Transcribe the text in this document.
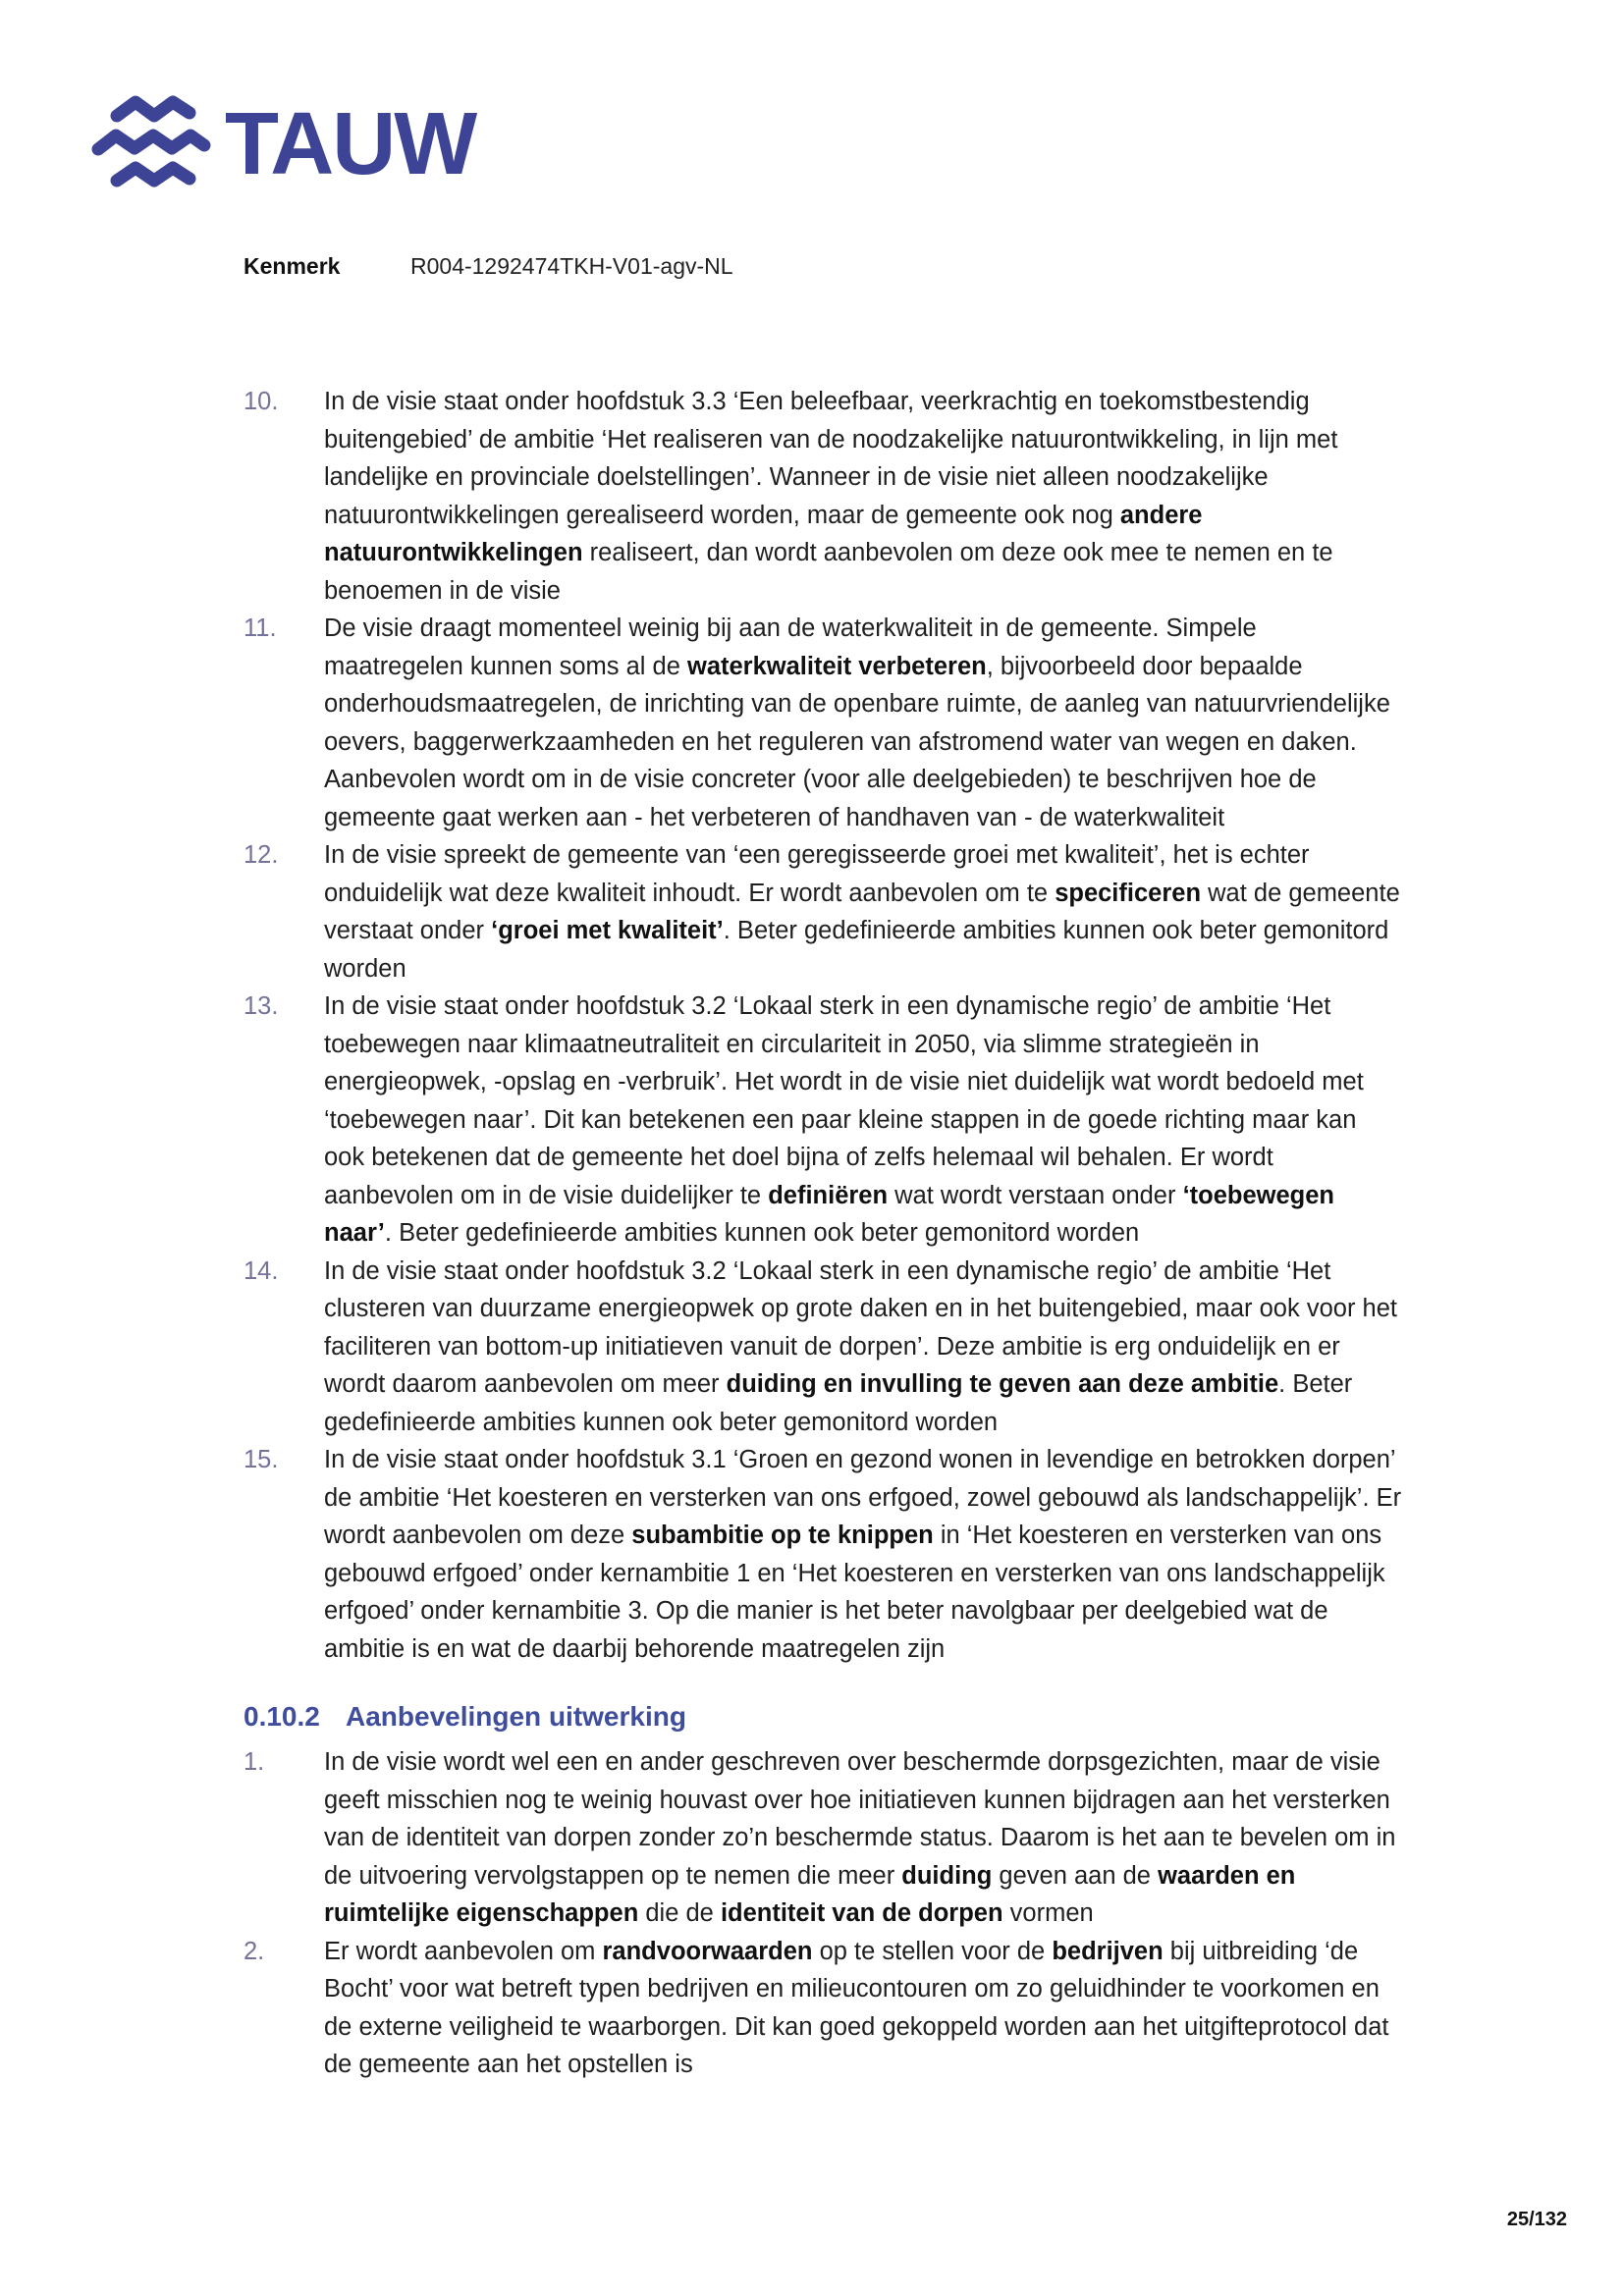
TAUW
Kenmerk	R004-1292474TKH-V01-agv-NL
10.	In de visie staat onder hoofdstuk 3.3 ‘Een beleefbaar, veerkrachtig en toekomstbestendig buitengebied’ de ambitie ‘Het realiseren van de noodzakelijke natuurontwikkeling, in lijn met landelijke en provinciale doelstellingen’. Wanneer in de visie niet alleen noodzakelijke natuurontwikkelingen gerealiseerd worden, maar de gemeente ook nog andere natuurontwikkelingen realiseert, dan wordt aanbevolen om deze ook mee te nemen en te benoemen in de visie
11.	De visie draagt momenteel weinig bij aan de waterkwaliteit in de gemeente. Simpele maatregelen kunnen soms al de waterkwaliteit verbeteren, bijvoorbeeld door bepaalde onderhoudsmaatregelen, de inrichting van de openbare ruimte, de aanleg van natuurvriendelijke oevers, baggerwerkzaamheden en het reguleren van afstromend water van wegen en daken. Aanbevolen wordt om in de visie concreter (voor alle deelgebieden) te beschrijven hoe de gemeente gaat werken aan - het verbeteren of handhaven van - de waterkwaliteit
12.	In de visie spreekt de gemeente van ‘een geregisseerde groei met kwaliteit’, het is echter onduidelijk wat deze kwaliteit inhoudt. Er wordt aanbevolen om te specificeren wat de gemeente verstaat onder ‘groei met kwaliteit’. Beter gedefinieerde ambities kunnen ook beter gemonitord worden
13.	In de visie staat onder hoofdstuk 3.2 ‘Lokaal sterk in een dynamische regio’ de ambitie ‘Het toebewegen naar klimaatneutraliteit en circulariteit in 2050, via slimme strategieën in energieopwek, -opslag en -verbruik’. Het wordt in de visie niet duidelijk wat wordt bedoeld met ‘toebewegen naar’. Dit kan betekenen een paar kleine stappen in de goede richting maar kan ook betekenen dat de gemeente het doel bijna of zelfs helemaal wil behalen. Er wordt aanbevolen om in de visie duidelijker te definiëren wat wordt verstaan onder ‘toebewegen naar’. Beter gedefinieerde ambities kunnen ook beter gemonitord worden
14.	In de visie staat onder hoofdstuk 3.2 ‘Lokaal sterk in een dynamische regio’ de ambitie ‘Het clusteren van duurzame energieopwek op grote daken en in het buitengebied, maar ook voor het faciliteren van bottom-up initiatieven vanuit de dorpen’. Deze ambitie is erg onduidelijk en er wordt daarom aanbevolen om meer duiding en invulling te geven aan deze ambitie. Beter gedefinieerde ambities kunnen ook beter gemonitord worden
15.	In de visie staat onder hoofdstuk 3.1 ‘Groen en gezond wonen in levendige en betrokken dorpen’ de ambitie ‘Het koesteren en versterken van ons erfgoed, zowel gebouwd als landschappelijk’. Er wordt aanbevolen om deze subambitie op te knippen in ‘Het koesteren en versterken van ons gebouwd erfgoed’ onder kernambitie 1 en ‘Het koesteren en versterken van ons landschappelijk erfgoed’ onder kernambitie 3. Op die manier is het beter navolgbaar per deelgebied wat de ambitie is en wat de daarbij behorende maatregelen zijn
0.10.2 Aanbevelingen uitwerking
1.	In de visie wordt wel een en ander geschreven over beschermde dorpsgezichten, maar de visie geeft misschien nog te weinig houvast over hoe initiatieven kunnen bijdragen aan het versterken van de identiteit van dorpen zonder zo’n beschermde status. Daarom is het aan te bevelen om in de uitvoering vervolgstappen op te nemen die meer duiding geven aan de waarden en ruimtelijke eigenschappen die de identiteit van de dorpen vormen
2.	Er wordt aanbevolen om randvoorwaarden op te stellen voor de bedrijven bij uitbreiding ‘de Bocht’ voor wat betreft typen bedrijven en milieucontouren om zo geluidhinder te voorkomen en de externe veiligheid te waarborgen. Dit kan goed gekoppeld worden aan het uitgifteprotocol dat de gemeente aan het opstellen is
25/132
